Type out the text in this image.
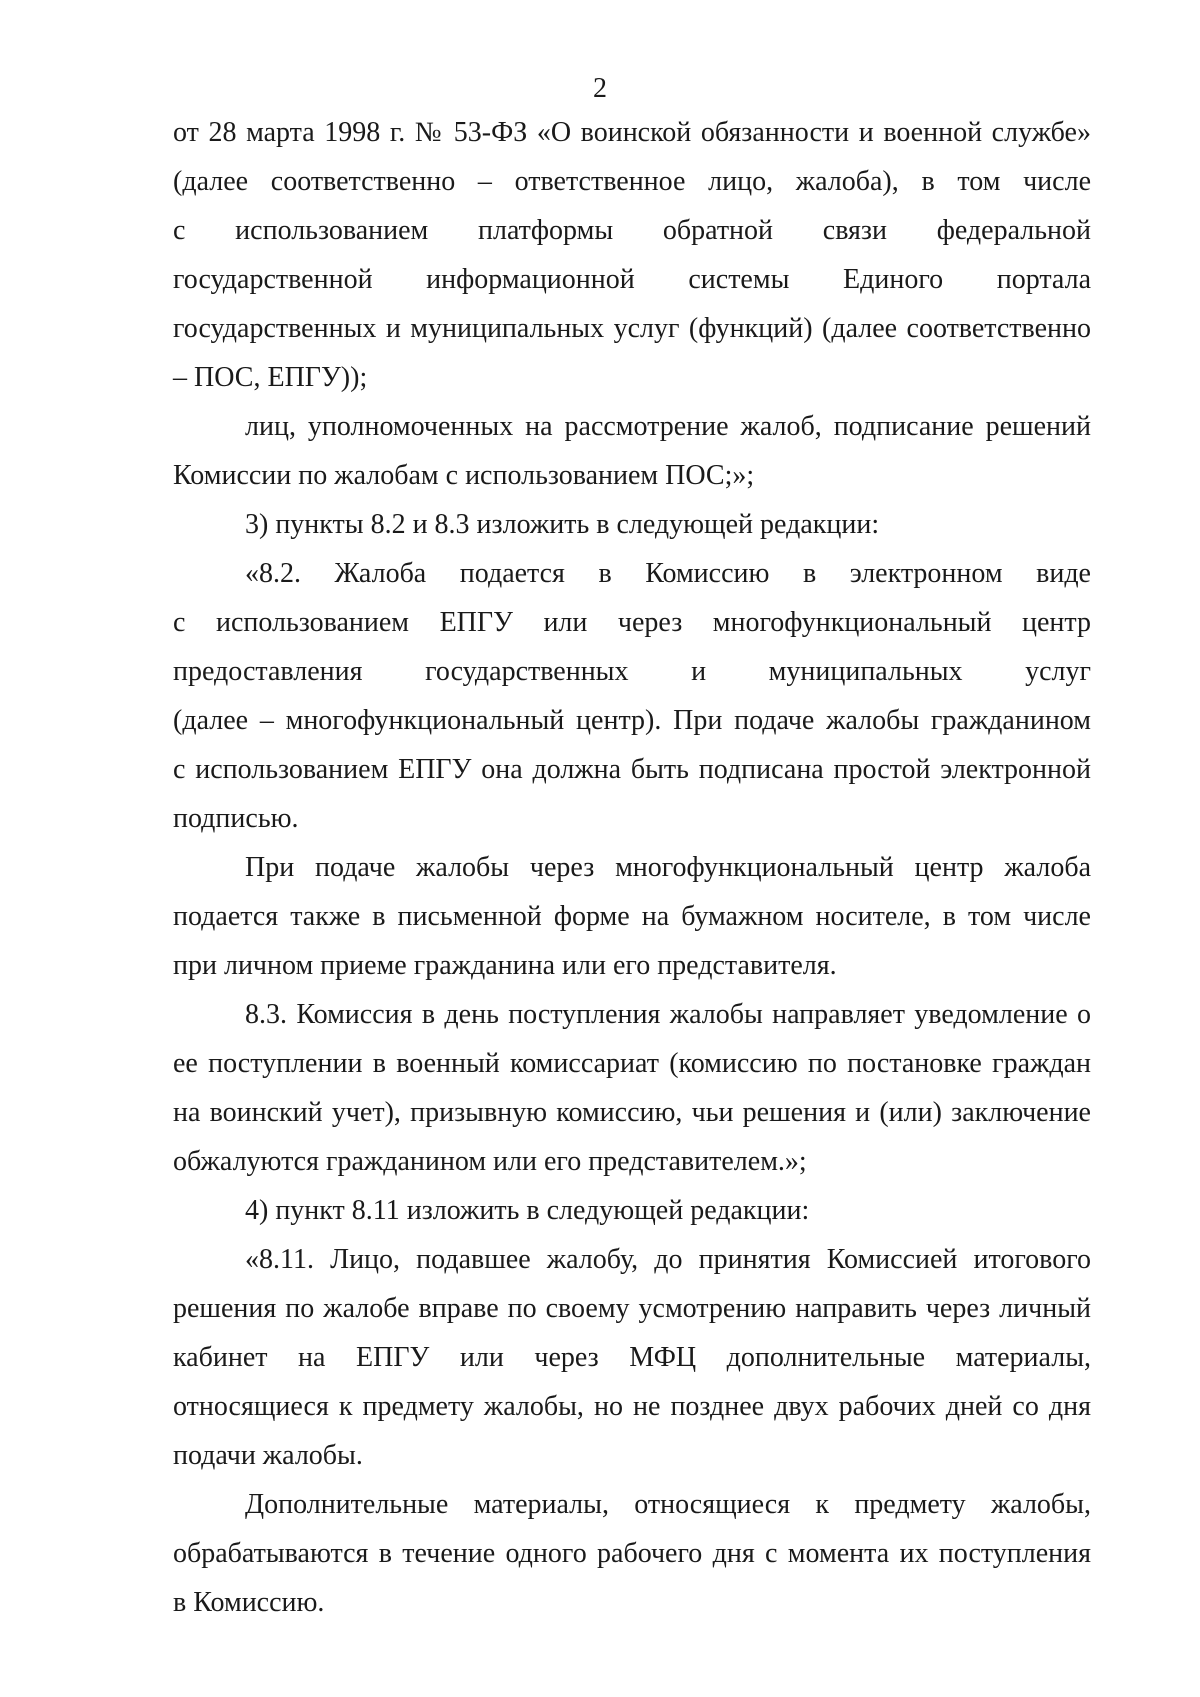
2

от 28 марта 1998 г. № 53-ФЗ «О воинской обязанности и военной службе»
(далее соответственно – ответственное лицо, жалоба), в том числе
с использованием платформы обратной связи федеральной
государственной информационной системы Единого портала
государственных и муниципальных услуг (функций) (далее соответственно
– ПОС, ЕПГУ));

лиц, уполномоченных на рассмотрение жалоб, подписание решений
Комиссии по жалобам с использованием ПОС;»;

3) пункты 8.2 и 8.3 изложить в следующей редакции:

«8.2. Жалоба подается в Комиссию в электронном виде
с использованием ЕПГУ или через многофункциональный центр
предоставления государственных и муниципальных услуг
(далее – многофункциональный центр). При подаче жалобы гражданином
с использованием ЕПГУ она должна быть подписана простой электронной
подписью.

При подаче жалобы через многофункциональный центр жалоба
подается также в письменной форме на бумажном носителе, в том числе
при личном приеме гражданина или его представителя.

8.3. Комиссия в день поступления жалобы направляет уведомление о
ее поступлении в военный комиссариат (комиссию по постановке граждан
на воинский учет), призывную комиссию, чьи решения и (или) заключение
обжалуются гражданином или его представителем.»;

4) пункт 8.11 изложить в следующей редакции:

«8.11. Лицо, подавшее жалобу, до принятия Комиссией итогового
решения по жалобе вправе по своему усмотрению направить через личный
кабинет на ЕПГУ или через МФЦ дополнительные материалы,
относящиеся к предмету жалобы, но не позднее двух рабочих дней со дня
подачи жалобы.

Дополнительные материалы, относящиеся к предмету жалобы,
обрабатываются в течение одного рабочего дня с момента их поступления
в Комиссию.
